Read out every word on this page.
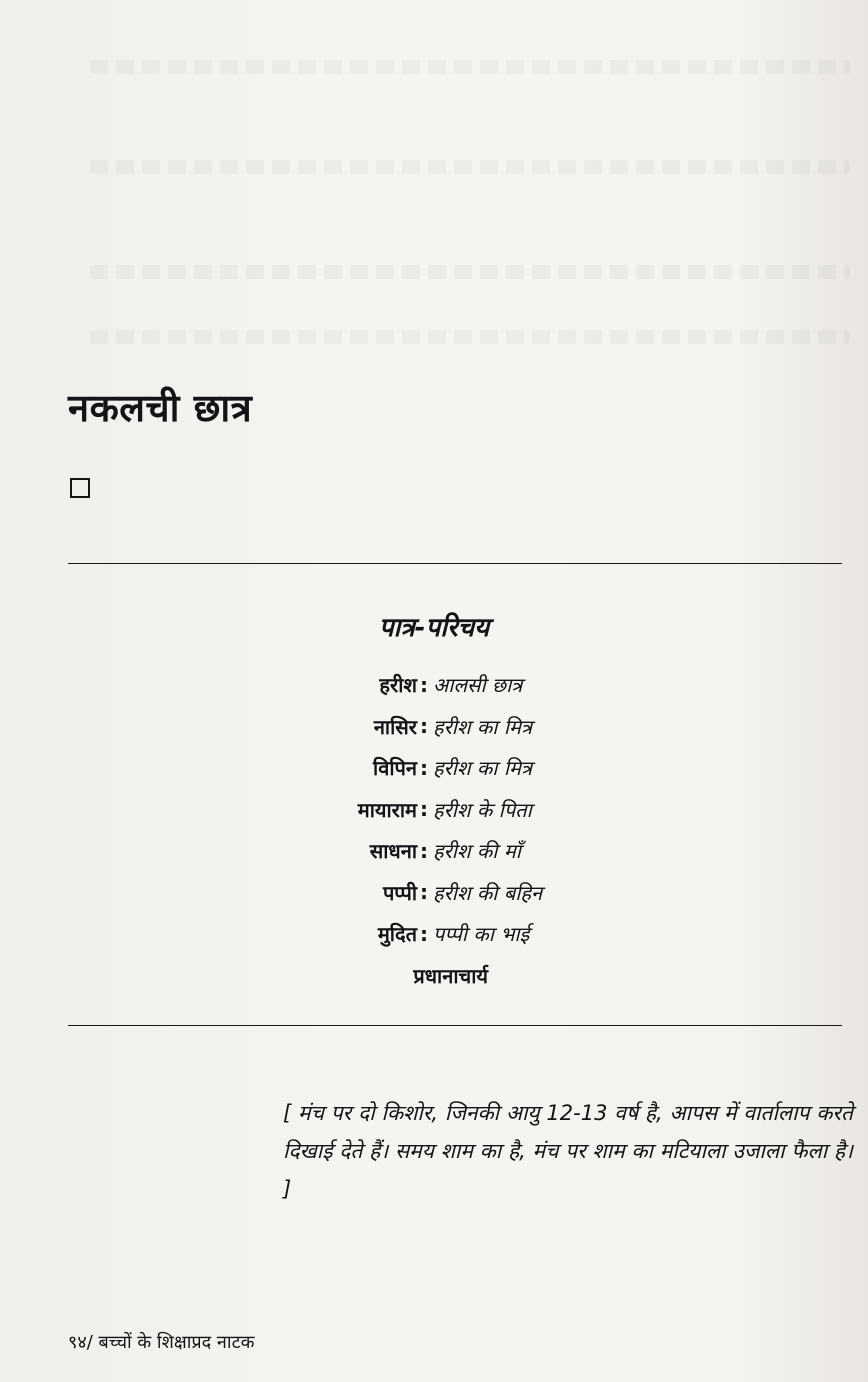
नकलची छात्र
पात्र-परिचय
हरीश : आलसी छात्र
नासिर : हरीश का मित्र
विपिन : हरीश का मित्र
मायाराम : हरीश के पिता
साधना : हरीश की माँ
पप्पी : हरीश की बहिन
मुदित : पप्पी का भाई
प्रधानाचार्य

[ मंच पर दो किशोर, जिनकी आयु 12-13 वर्ष है, आपस में वार्तालाप करते दिखाई देते हैं। समय शाम का है, मंच पर शाम का मटियाला उजाला फैला है। ]

९४/ बच्चों के शिक्षाप्रद नाटक
